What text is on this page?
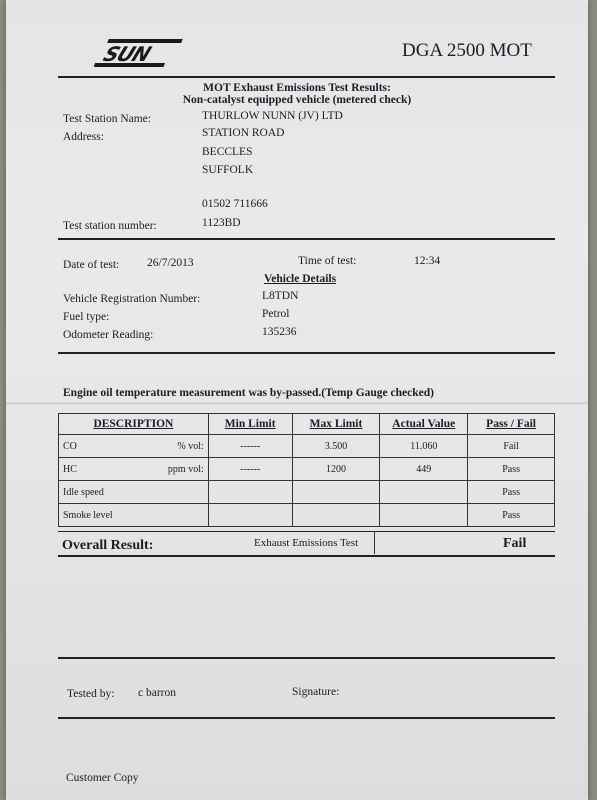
SUN	DGA 2500 MOT
MOT Exhaust Emissions Test Results:
Non-catalyst equipped vehicle (metered check)
Test Station Name:	THURLOW NUNN (JV) LTD
Address:	STATION ROAD
BECCLES
SUFFOLK
01502 711666
Test station number:	1123BD
Date of test: 26/7/2013	Time of test:	12:34
Vehicle Details
Vehicle Registration Number:	L8TDN
Fuel type:	Petrol
Odometer Reading:	135236
Engine oil temperature measurement was by-passed.(Temp Gauge checked)
DESCRIPTION	Min Limit	Max Limit	Actual Value	Pass / Fail
CO % vol:	------	3.500	11.060	Fail
HC ppm vol:	------	1200	449	Pass
Idle speed				Pass
Smoke level				Pass
Overall Result:	Exhaust Emissions Test	Fail
Tested by: c barron	Signature:
Customer Copy
